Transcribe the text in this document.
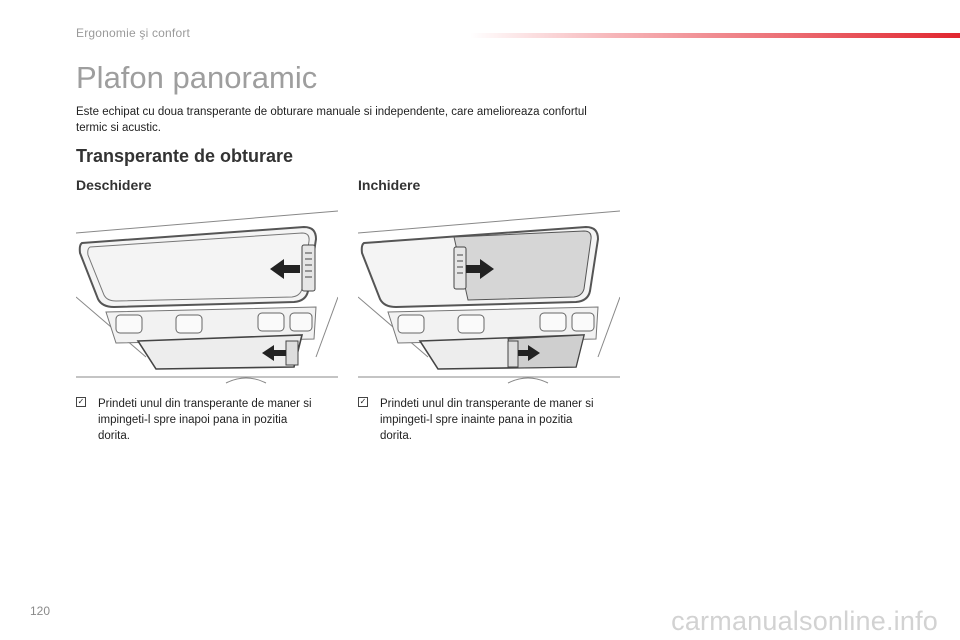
Ergonomie şi confort
Plafon panoramic

Este echipat cu doua transperante de obturare manuale si independente, care amelioreaza confortul termic si acustic.

Transperante de obturare
Deschidere
✓ Prindeti unul din transperante de maner si impingeti-l spre inapoi pana in pozitia dorita.
Inchidere
✓ Prindeti unul din transperante de maner si impingeti-l spre inainte pana in pozitia dorita.
120	carmanualsonline.info
